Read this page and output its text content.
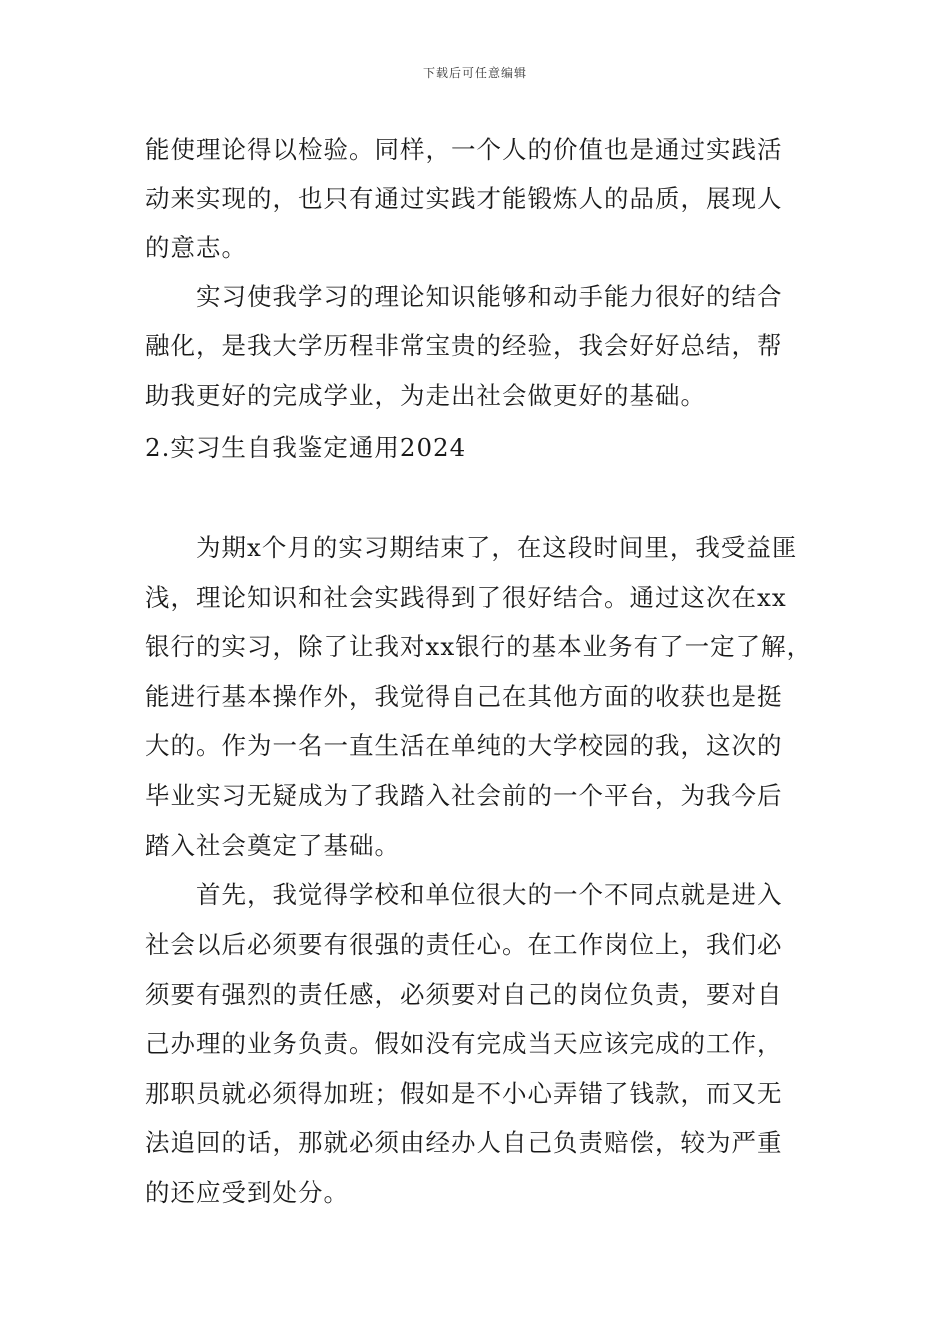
下载后可任意编辑
能使理论得以检验。同样，一个人的价值也是通过实践活
动来实现的，也只有通过实践才能锻炼人的品质，展现人
的意志。
　　实习使我学习的理论知识能够和动手能力很好的结合
融化，是我大学历程非常宝贵的经验，我会好好总结，帮
助我更好的完成学业，为走出社会做更好的基础。
2.实习生自我鉴定通用2024
　　为期x个月的实习期结束了，在这段时间里，我受益匪
浅，理论知识和社会实践得到了很好结合。通过这次在xx
银行的实习，除了让我对xx银行的基本业务有了一定了解，
能进行基本操作外，我觉得自己在其他方面的收获也是挺
大的。作为一名一直生活在单纯的大学校园的我，这次的
毕业实习无疑成为了我踏入社会前的一个平台，为我今后
踏入社会奠定了基础。
　　首先，我觉得学校和单位很大的一个不同点就是进入
社会以后必须要有很强的责任心。在工作岗位上，我们必
须要有强烈的责任感，必须要对自己的岗位负责，要对自
己办理的业务负责。假如没有完成当天应该完成的工作，
那职员就必须得加班；假如是不小心弄错了钱款，而又无
法追回的话，那就必须由经办人自己负责赔偿，较为严重
的还应受到处分。
